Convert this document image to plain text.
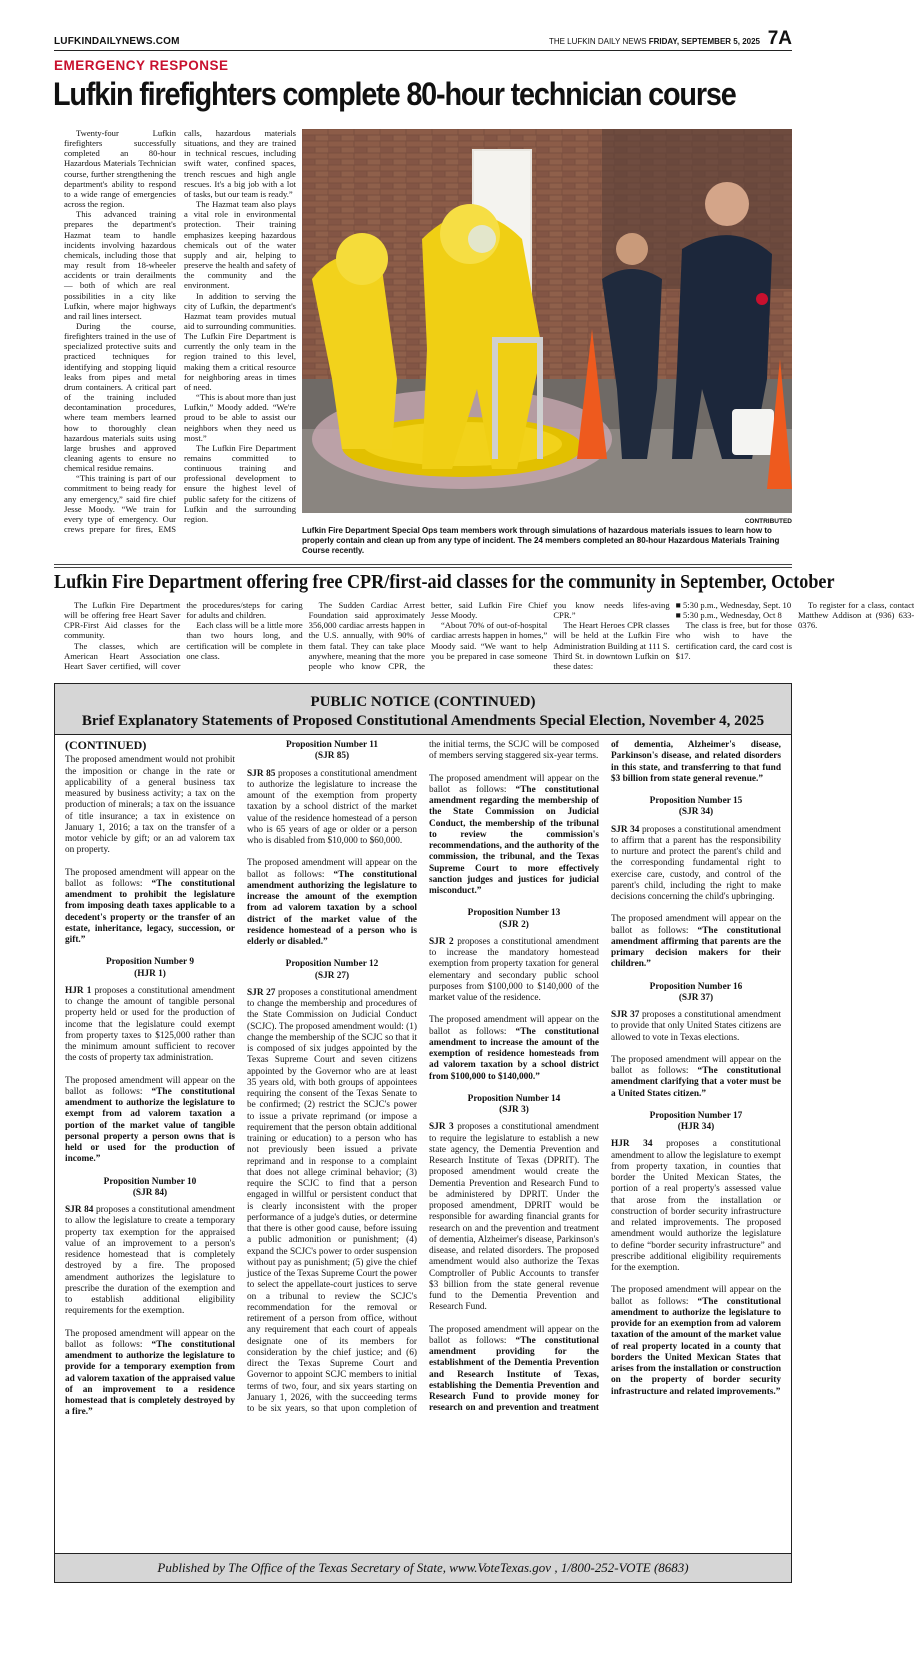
LUFKINDAILYNEWS.COM	THE LUFKIN DAILY NEWS FRIDAY, SEPTEMBER 5, 2025 7A
EMERGENCY RESPONSE
Lufkin firefighters complete 80-hour technician course

Twenty-four Lufkin firefighters successfully completed an 80-hour Hazardous Materials Technician course, further strengthening the department's ability to respond to a wide range of emergencies across the region.

This advanced training prepares the department's Hazmat team to handle incidents involving hazardous chemicals, including those that may result from 18-wheeler accidents or train derailments — both of which are real possibilities in a city like Lufkin, where major highways and rail lines intersect.

During the course, firefighters trained in the use of specialized protective suits and practiced techniques for identifying and stopping liquid leaks from pipes and metal drum containers. A critical part of the training included decontamination procedures, where team members learned how to thoroughly clean hazardous materials suits using large brushes and approved cleaning agents to ensure no chemical residue remains.

“This training is part of our commitment to being ready for any emergency,” said fire chief Jesse Moody. “We train for every type of emergency. Our crews prepare for fires, EMS calls, hazardous materials situations, and they are trained in technical rescues, including swift water, confined spaces, trench rescues and high angle rescues. It's a big job with a lot of tasks, but our team is ready.”

The Hazmat team also plays a vital role in environmental protection. Their training emphasizes keeping hazardous chemicals out of the water supply and air, helping to preserve the health and safety of the community and the environment.

In addition to serving the city of Lufkin, the department's Hazmat team provides mutual aid to surrounding communities. The Lufkin Fire Department is currently the only team in the region trained to this level, making them a critical resource for neighboring areas in times of need.

“This is about more than just Lufkin,” Moody added. “We're proud to be able to assist our neighbors when they need us most.”

The Lufkin Fire Department remains committed to continuous training and professional development to ensure the highest level of public safety for the citizens of Lufkin and the surrounding region.	CONTRIBUTED
Lufkin Fire Department Special Ops team members work through simulations of hazardous materials issues to learn how to properly contain and clean up from any type of incident. The 24 members completed an 80-hour Hazardous Materials Training Course recently.
Lufkin Fire Department offering free CPR/first-aid classes for the community in September, October

The Lufkin Fire Department will be offering free Heart Saver CPR-First Aid classes for the community.

The classes, which are American Heart Association Heart Saver certified, will cover the procedures/steps for caring for adults and children.

Each class will be a little more than two hours long, and certification will be complete in one class.

The Sudden Cardiac Arrest Foundation said approximately 356,000 cardiac arrests happen in the U.S. annually, with 90% of them fatal. They can take place anywhere, meaning that the more people who know CPR, the better, said Lufkin Fire Chief Jesse Moody.

“About 70% of out-of-hospital cardiac arrests happen in homes,” Moody said. “We want to help you be prepared in case someone you know needs lifes-aving CPR.”

The Heart Heroes CPR classes will be held at the Lufkin Fire Administration Building at 111 S. Third St. in downtown Lufkin on these dates:

■ 5:30 p.m., Wednesday, Sept. 10

■ 5:30 p.m., Wednesday, Oct 8

The class is free, but for those who wish to have the certification card, the card cost is $17.

To register for a class, contact Matthew Addison at (936) 633-0376.

PUBLIC NOTICE (CONTINUED)
Brief Explanatory Statements of Proposed Constitutional Amendments Special Election, November 4, 2025
(CONTINUED)

The proposed amendment would not prohibit the imposition or change in the rate or applicability of a general business tax measured by business activity; a tax on the production of minerals; a tax on the issuance of title insurance; a tax in existence on January 1, 2016; a tax on the transfer of a motor vehicle by gift; or an ad valorem tax on property.

The proposed amendment will appear on the ballot as follows: “The constitutional amendment to prohibit the legislature from imposing death taxes applicable to a decedent's property or the transfer of an estate, inheritance, legacy, succession, or gift.”

Proposition Number 9
(HJR 1)

HJR 1 proposes a constitutional amendment to change the amount of tangible personal property held or used for the production of income that the legislature could exempt from property taxes to $125,000 rather than the minimum amount sufficient to recover the costs of property tax administration.

The proposed amendment will appear on the ballot as follows: “The constitutional amendment to authorize the legislature to exempt from ad valorem taxation a portion of the market value of tangible personal property a person owns that is held or used for the production of income.”

Proposition Number 10
(SJR 84)

SJR 84 proposes a constitutional amendment to allow the legislature to create a temporary property tax exemption for the appraised value of an improvement to a person's residence homestead that is completely destroyed by a fire. The proposed amendment authorizes the legislature to prescribe the duration of the exemption and to establish additional eligibility requirements for the exemption.

The proposed amendment will appear on the ballot as follows: “The constitutional amendment to authorize the legislature to provide for a temporary exemption from ad valorem taxation of the appraised value of an improvement to a residence homestead that is completely destroyed by a fire.”

Proposition Number 11
(SJR 85)

SJR 85 proposes a constitutional amendment to authorize the legislature to increase the amount of the exemption from property taxation by a school district of the market value of the residence homestead of a person who is 65 years of age or older or a person who is disabled from $10,000 to $60,000.

The proposed amendment will appear on the ballot as follows: “The constitutional amendment authorizing the legislature to increase the amount of the exemption from ad valorem taxation by a school district of the market value of the residence homestead of a person who is elderly or disabled.”

Proposition Number 12
(SJR 27)

SJR 27 proposes a constitutional amendment to change the membership and procedures of the State Commission on Judicial Conduct (SCJC). The proposed amendment would: (1) change the membership of the SCJC so that it is composed of six judges appointed by the Texas Supreme Court and seven citizens appointed by the Governor who are at least 35 years old, with both groups of appointees requiring the consent of the Texas Senate to be confirmed; (2) restrict the SCJC's power to issue a private reprimand (or impose a requirement that the person obtain additional training or education) to a person who has not previously been issued a private reprimand and in response to a complaint that does not allege criminal behavior; (3) require the SCJC to find that a person engaged in willful or persistent conduct that is clearly inconsistent with the proper performance of a judge's duties, or determine that there is other good cause, before issuing a public admonition or punishment; (4) expand the SCJC's power to order suspension without pay as punishment; (5) give the chief justice of the Texas Supreme Court the power to select the appellate-court justices to serve on a tribunal to review the SCJC's recommendation for the removal or retirement of a person from office, without any requirement that each court of appeals designate one of its members for consideration by the chief justice; and (6) direct the Texas Supreme Court and Governor to appoint SCJC members to initial terms of two, four, and six years starting on January 1, 2026, with the succeeding terms to be six years, so that upon completion of the initial terms, the SCJC will be composed of members serving staggered six-year terms.

The proposed amendment will appear on the ballot as follows: “The constitutional amendment regarding the membership of the State Commission on Judicial Conduct, the membership of the tribunal to review the commission's recommendations, and the authority of the commission, the tribunal, and the Texas Supreme Court to more effectively sanction judges and justices for judicial misconduct.”

Proposition Number 13
(SJR 2)

SJR 2 proposes a constitutional amendment to increase the mandatory homestead exemption from property taxation for general elementary and secondary public school purposes from $100,000 to $140,000 of the market value of the residence.

The proposed amendment will appear on the ballot as follows: “The constitutional amendment to increase the amount of the exemption of residence homesteads from ad valorem taxation by a school district from $100,000 to $140,000.”

Proposition Number 14
(SJR 3)

SJR 3 proposes a constitutional amendment to require the legislature to establish a new state agency, the Dementia Prevention and Research Institute of Texas (DPRIT). The proposed amendment would create the Dementia Prevention and Research Fund to be administered by DPRIT. Under the proposed amendment, DPRIT would be responsible for awarding financial grants for research on and the prevention and treatment of dementia, Alzheimer's disease, Parkinson's disease, and related disorders. The proposed amendment would also authorize the Texas Comptroller of Public Accounts to transfer $3 billion from the state general revenue fund to the Dementia Prevention and Research Fund.

The proposed amendment will appear on the ballot as follows: “The constitutional amendment providing for the establishment of the Dementia Prevention and Research Institute of Texas, establishing the Dementia Prevention and Research Fund to provide money for research on and prevention and treatment of dementia, Alzheimer's disease, Parkinson's disease, and related disorders in this state, and transferring to that fund $3 billion from state general revenue.”

Proposition Number 15
(SJR 34)

SJR 34 proposes a constitutional amendment to affirm that a parent has the responsibility to nurture and protect the parent's child and the corresponding fundamental right to exercise care, custody, and control of the parent's child, including the right to make decisions concerning the child's upbringing.

The proposed amendment will appear on the ballot as follows: “The constitutional amendment affirming that parents are the primary decision makers for their children.”

Proposition Number 16
(SJR 37)

SJR 37 proposes a constitutional amendment to provide that only United States citizens are allowed to vote in Texas elections.

The proposed amendment will appear on the ballot as follows: “The constitutional amendment clarifying that a voter must be a United States citizen.”

Proposition Number 17
(HJR 34)

HJR 34 proposes a constitutional amendment to allow the legislature to exempt from property taxation, in counties that border the United Mexican States, the portion of a real property's assessed value that arose from the installation or construction of border security infrastructure and related improvements. The proposed amendment would authorize the legislature to define “border security infrastructure” and prescribe additional eligibility requirements for the exemption.

The proposed amendment will appear on the ballot as follows: “The constitutional amendment to authorize the legislature to provide for an exemption from ad valorem taxation of the amount of the market value of real property located in a county that borders the United Mexican States that arises from the installation or construction on the property of border security infrastructure and related improvements.”

Published by The Office of the Texas Secretary of State, www.VoteTexas.gov , 1/800-252-VOTE (8683)
